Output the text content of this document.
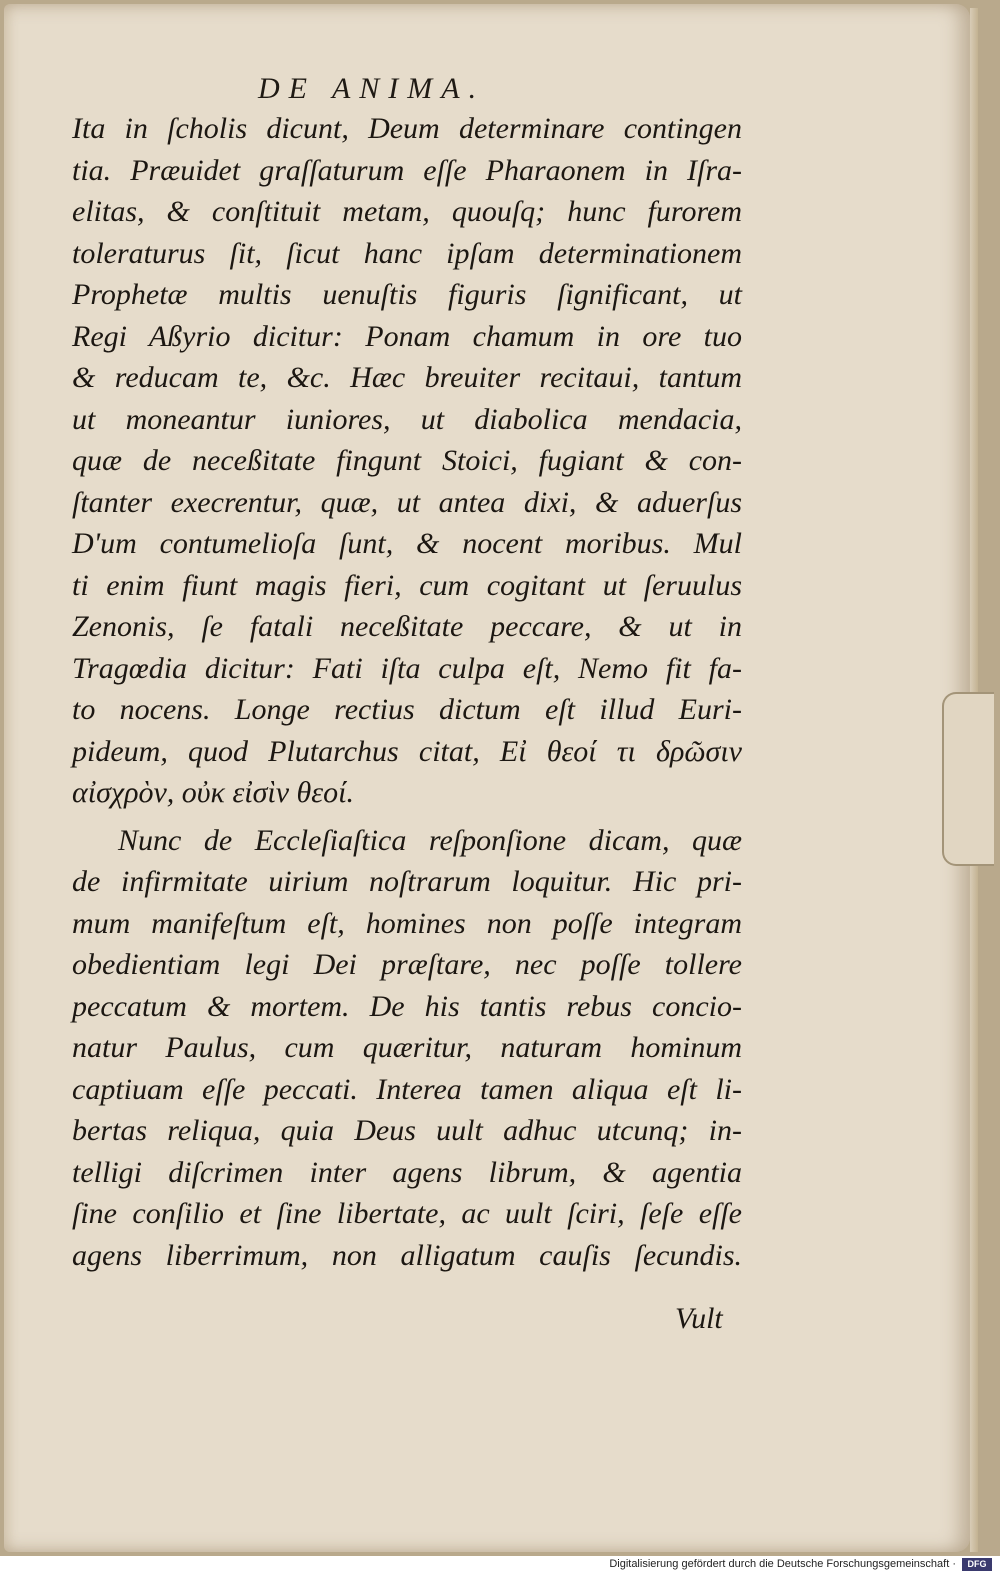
DE ANIMA.
Ita in ſcholis dicunt, Deum determinare contingen
tia. Præuidet graſſaturum eſſe Pharaonem in Iſra-
elitas, & conſtituit metam, quouſq; hunc furorem
toleraturus ſit, ſicut hanc ipſam determinationem
Prophetæ multis uenuſtis figuris ſignificant, ut
Regi Aßyrio dicitur: Ponam chamum in ore tuo
& reducam te, &c. Hæc breuiter recitaui, tantum
ut moneantur iuniores, ut diabolica mendacia,
quæ de neceßitate fingunt Stoici, fugiant & con-
ſtanter execrentur, quæ, ut antea dixi, & aduerſus
D'um contumelioſa ſunt, & nocent moribus. Mul
ti enim fiunt magis fieri, cum cogitant ut ſeruulus
Zenonis, ſe fatali neceßitate peccare, & ut in
Tragœdia dicitur: Fati iſta culpa eſt, Nemo fit fa-
to nocens. Longe rectius dictum eſt illud Euri-
pideum, quod Plutarchus citat, Εἰ θεοί τι δρῶσιν
αἰσχρὸν, οὐκ εἰσὶν θεοί.
Nunc de Eccleſiaſtica reſponſione dicam, quæ
de infirmitate uirium noſtrarum loquitur. Hic pri-
mum manifeſtum eſt, homines non poſſe integram
obedientiam legi Dei præſtare, nec poſſe tollere
peccatum & mortem. De his tantis rebus concio-
natur Paulus, cum quæritur, naturam hominum
captiuam eſſe peccati. Interea tamen aliqua eſt li-
bertas reliqua, quia Deus uult adhuc utcunq; in-
telligi diſcrimen inter agens librum, & agentia
ſine conſilio et ſine libertate, ac uult ſciri, ſeſe eſſe
agens liberrimum, non alligatum cauſis ſecundis.
Vult
Digitalisierung gefördert durch die Deutsche Forschungsgemeinschaft ·	DFG
